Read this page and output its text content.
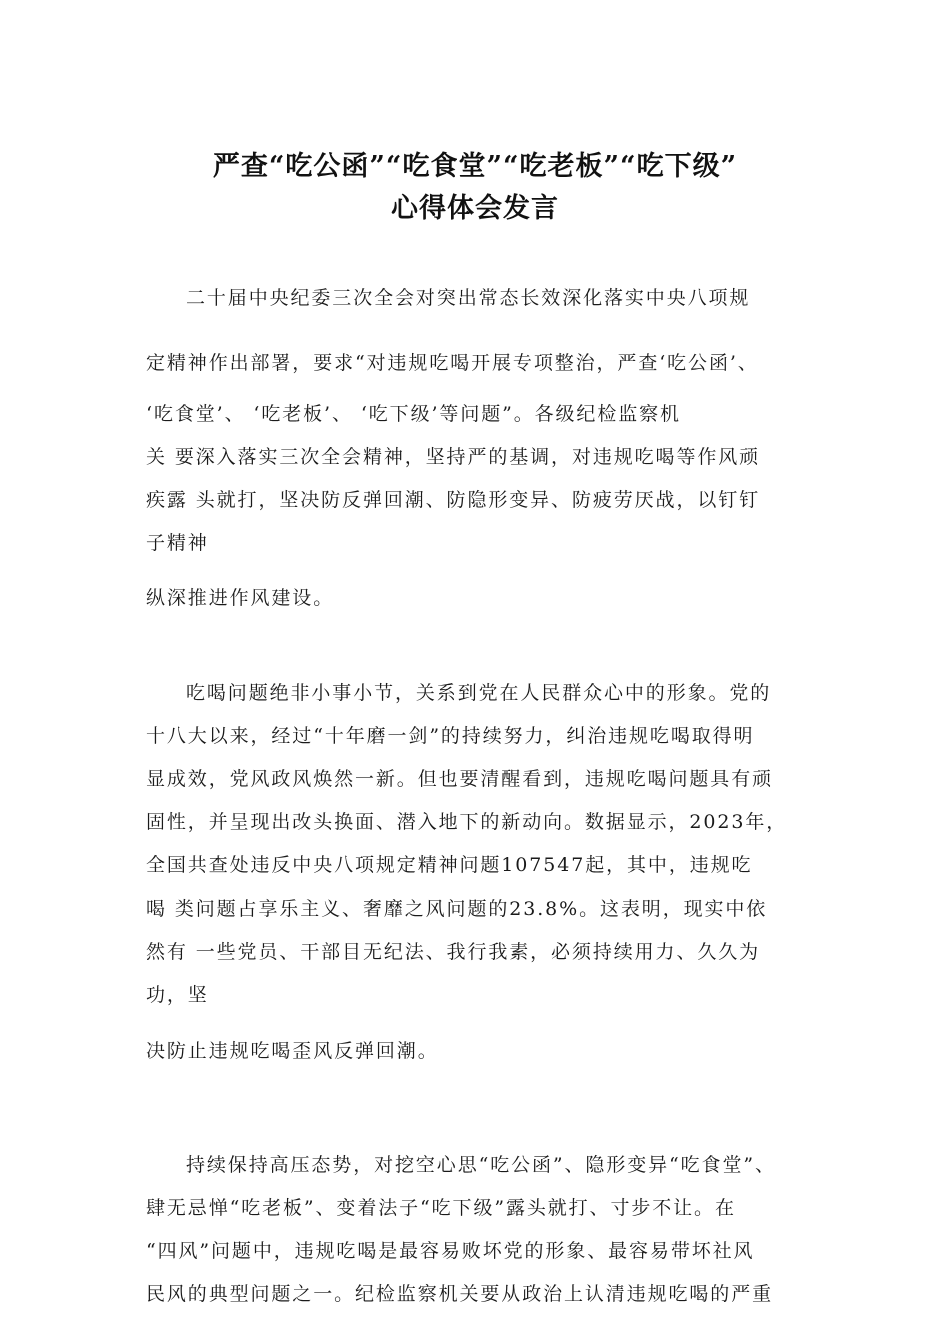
严查“吃公函”“吃食堂”“吃老板”“吃下级”
心得体会发言

二十届中央纪委三次全会对突出常态长效深化落实中央八项规

定精神作出部署，要求“对违规吃喝开展专项整治，严查‘吃公函’、

‘吃食堂’、 ‘吃老板’、 ‘吃下级’等问题”。各级纪检监察机

关 要深入落实三次全会精神，坚持严的基调，对违规吃喝等作风顽

疾露 头就打，坚决防反弹回潮、防隐形变异、防疲劳厌战，以钉钉

子精神

纵深推进作风建设。

吃喝问题绝非小事小节，关系到党在人民群众心中的形象。党的

十八大以来，经过“十年磨一剑”的持续努力，纠治违规吃喝取得明

显成效，党风政风焕然一新。但也要清醒看到，违规吃喝问题具有顽

固性，并呈现出改头换面、潜入地下的新动向。数据显示，2023年，

全国共查处违反中央八项规定精神问题107547起，其中，违规吃

喝 类问题占享乐主义、奢靡之风问题的23.8%。这表明，现实中依

然有 一些党员、干部目无纪法、我行我素，必须持续用力、久久为

功，坚

决防止违规吃喝歪风反弹回潮。

持续保持高压态势，对挖空心思“吃公函”、隐形变异“吃食堂”、

肆无忌惮“吃老板”、变着法子“吃下级”露头就打、寸步不让。在

“四风”问题中，违规吃喝是最容易败坏党的形象、最容易带坏社风

民风的典型问题之一。纪检监察机关要从政治上认清违规吃喝的严重
